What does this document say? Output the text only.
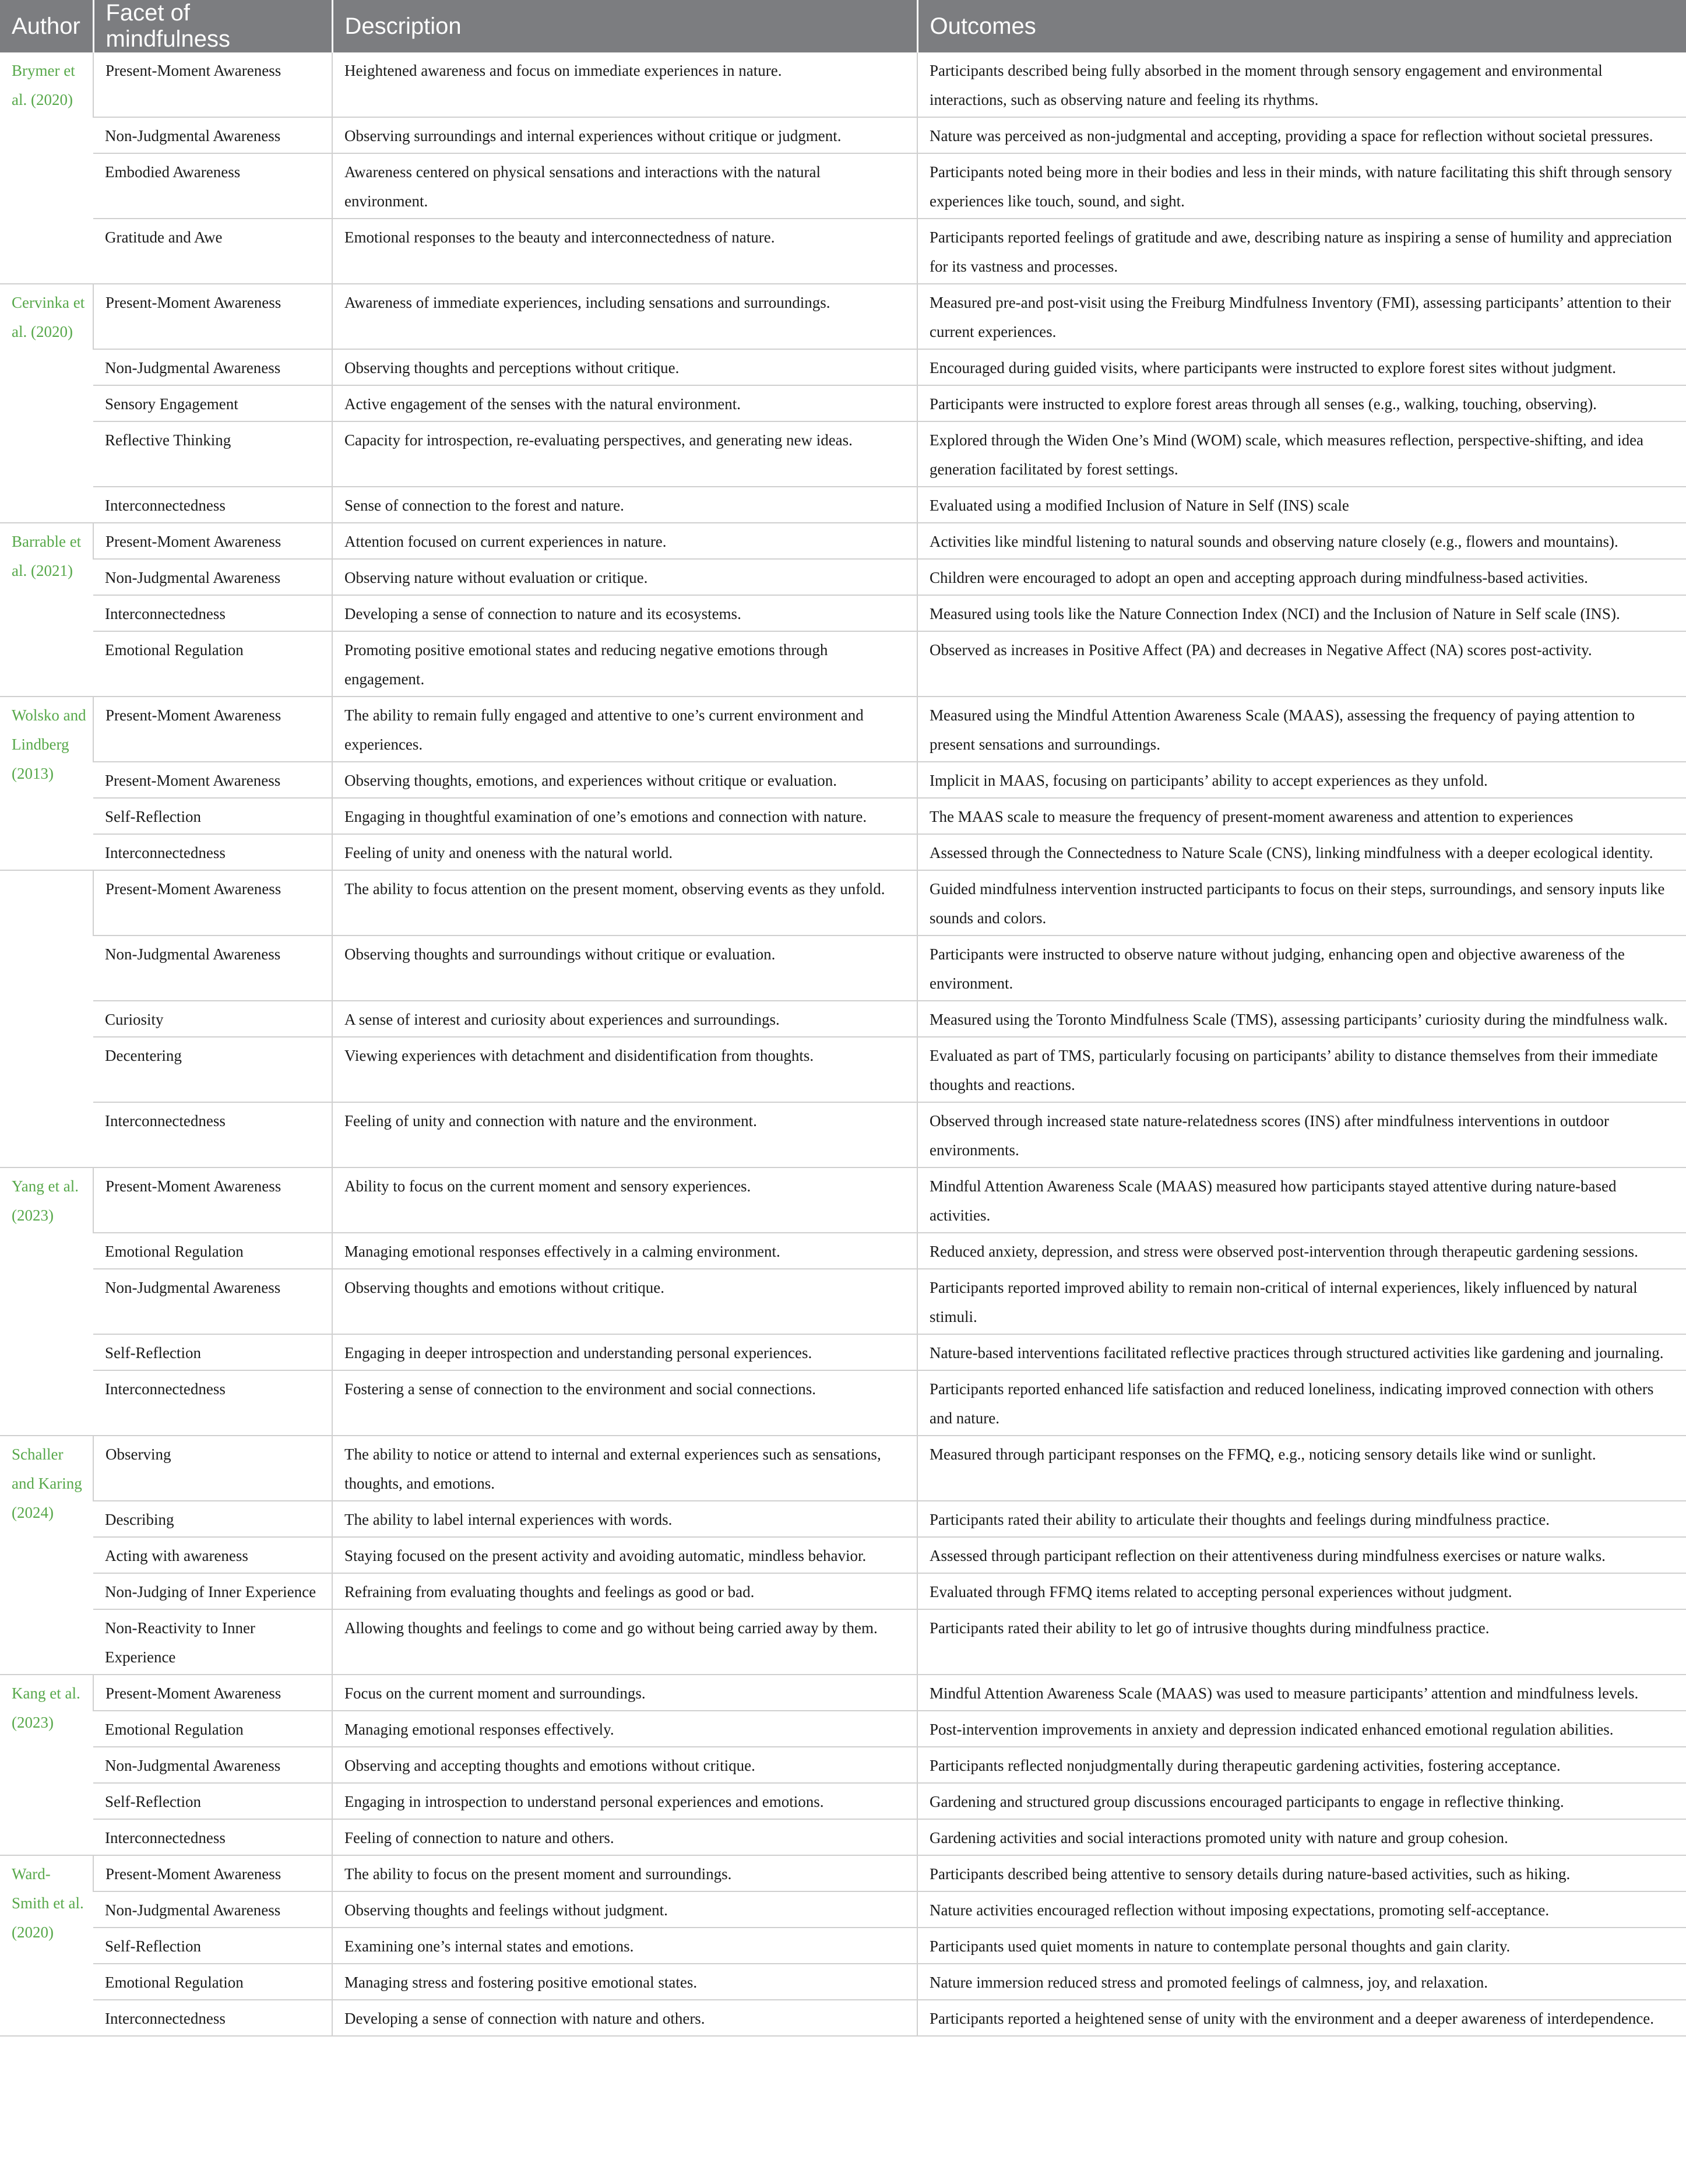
Author	Facet of mindfulness	Description	Outcomes
Brymer et al. (2020)	Present-Moment Awareness	Heightened awareness and focus on immediate experiences in nature.	Participants described being fully absorbed in the moment through sensory engagement and environmental interactions, such as observing nature and feeling its rhythms.
	Non-Judgmental Awareness	Observing surroundings and internal experiences without critique or judgment.	Nature was perceived as non-judgmental and accepting, providing a space for reflection without societal pressures.
	Embodied Awareness	Awareness centered on physical sensations and interactions with the natural environment.	Participants noted being more in their bodies and less in their minds, with nature facilitating this shift through sensory experiences like touch, sound, and sight.
	Gratitude and Awe	Emotional responses to the beauty and interconnectedness of nature.	Participants reported feelings of gratitude and awe, describing nature as inspiring a sense of humility and appreciation for its vastness and processes.
Cervinka et al. (2020)	Present-Moment Awareness	Awareness of immediate experiences, including sensations and surroundings.	Measured pre-and post-visit using the Freiburg Mindfulness Inventory (FMI), assessing participants’ attention to their current experiences.
	Non-Judgmental Awareness	Observing thoughts and perceptions without critique.	Encouraged during guided visits, where participants were instructed to explore forest sites without judgment.
	Sensory Engagement	Active engagement of the senses with the natural environment.	Participants were instructed to explore forest areas through all senses (e.g., walking, touching, observing).
	Reflective Thinking	Capacity for introspection, re-evaluating perspectives, and generating new ideas.	Explored through the Widen One’s Mind (WOM) scale, which measures reflection, perspective-shifting, and idea generation facilitated by forest settings.
	Interconnectedness	Sense of connection to the forest and nature.	Evaluated using a modified Inclusion of Nature in Self (INS) scale
Barrable et al. (2021)	Present-Moment Awareness	Attention focused on current experiences in nature.	Activities like mindful listening to natural sounds and observing nature closely (e.g., flowers and mountains).
	Non-Judgmental Awareness	Observing nature without evaluation or critique.	Children were encouraged to adopt an open and accepting approach during mindfulness-based activities.
	Interconnectedness	Developing a sense of connection to nature and its ecosystems.	Measured using tools like the Nature Connection Index (NCI) and the Inclusion of Nature in Self scale (INS).
	Emotional Regulation	Promoting positive emotional states and reducing negative emotions through engagement.	Observed as increases in Positive Affect (PA) and decreases in Negative Affect (NA) scores post-activity.
Wolsko and Lindberg (2013)	Present-Moment Awareness	The ability to remain fully engaged and attentive to one’s current environment and experiences.	Measured using the Mindful Attention Awareness Scale (MAAS), assessing the frequency of paying attention to present sensations and surroundings.
	Present-Moment Awareness	Observing thoughts, emotions, and experiences without critique or evaluation.	Implicit in MAAS, focusing on participants’ ability to accept experiences as they unfold.
	Self-Reflection	Engaging in thoughtful examination of one’s emotions and connection with nature.	The MAAS scale to measure the frequency of present-moment awareness and attention to experiences
	Interconnectedness	Feeling of unity and oneness with the natural world.	Assessed through the Connectedness to Nature Scale (CNS), linking mindfulness with a deeper ecological identity.
	Present-Moment Awareness	The ability to focus attention on the present moment, observing events as they unfold.	Guided mindfulness intervention instructed participants to focus on their steps, surroundings, and sensory inputs like sounds and colors.
	Non-Judgmental Awareness	Observing thoughts and surroundings without critique or evaluation.	Participants were instructed to observe nature without judging, enhancing open and objective awareness of the environment.
	Curiosity	A sense of interest and curiosity about experiences and surroundings.	Measured using the Toronto Mindfulness Scale (TMS), assessing participants’ curiosity during the mindfulness walk.
	Decentering	Viewing experiences with detachment and disidentification from thoughts.	Evaluated as part of TMS, particularly focusing on participants’ ability to distance themselves from their immediate thoughts and reactions.
	Interconnectedness	Feeling of unity and connection with nature and the environment.	Observed through increased state nature-relatedness scores (INS) after mindfulness interventions in outdoor environments.
Yang et al. (2023)	Present-Moment Awareness	Ability to focus on the current moment and sensory experiences.	Mindful Attention Awareness Scale (MAAS) measured how participants stayed attentive during nature-based activities.
	Emotional Regulation	Managing emotional responses effectively in a calming environment.	Reduced anxiety, depression, and stress were observed post-intervention through therapeutic gardening sessions.
	Non-Judgmental Awareness	Observing thoughts and emotions without critique.	Participants reported improved ability to remain non-critical of internal experiences, likely influenced by natural stimuli.
	Self-Reflection	Engaging in deeper introspection and understanding personal experiences.	Nature-based interventions facilitated reflective practices through structured activities like gardening and journaling.
	Interconnectedness	Fostering a sense of connection to the environment and social connections.	Participants reported enhanced life satisfaction and reduced loneliness, indicating improved connection with others and nature.
Schaller and Karing (2024)	Observing	The ability to notice or attend to internal and external experiences such as sensations, thoughts, and emotions.	Measured through participant responses on the FFMQ, e.g., noticing sensory details like wind or sunlight.
	Describing	The ability to label internal experiences with words.	Participants rated their ability to articulate their thoughts and feelings during mindfulness practice.
	Acting with awareness	Staying focused on the present activity and avoiding automatic, mindless behavior.	Assessed through participant reflection on their attentiveness during mindfulness exercises or nature walks.
	Non-Judging of Inner Experience	Refraining from evaluating thoughts and feelings as good or bad.	Evaluated through FFMQ items related to accepting personal experiences without judgment.
	Non-Reactivity to Inner Experience	Allowing thoughts and feelings to come and go without being carried away by them.	Participants rated their ability to let go of intrusive thoughts during mindfulness practice.
Kang et al. (2023)	Present-Moment Awareness	Focus on the current moment and surroundings.	Mindful Attention Awareness Scale (MAAS) was used to measure participants’ attention and mindfulness levels.
	Emotional Regulation	Managing emotional responses effectively.	Post-intervention improvements in anxiety and depression indicated enhanced emotional regulation abilities.
	Non-Judgmental Awareness	Observing and accepting thoughts and emotions without critique.	Participants reflected nonjudgmentally during therapeutic gardening activities, fostering acceptance.
	Self-Reflection	Engaging in introspection to understand personal experiences and emotions.	Gardening and structured group discussions encouraged participants to engage in reflective thinking.
	Interconnectedness	Feeling of connection to nature and others.	Gardening activities and social interactions promoted unity with nature and group cohesion.
Ward-Smith et al. (2020)	Present-Moment Awareness	The ability to focus on the present moment and surroundings.	Participants described being attentive to sensory details during nature-based activities, such as hiking.
	Non-Judgmental Awareness	Observing thoughts and feelings without judgment.	Nature activities encouraged reflection without imposing expectations, promoting self-acceptance.
	Self-Reflection	Examining one’s internal states and emotions.	Participants used quiet moments in nature to contemplate personal thoughts and gain clarity.
	Emotional Regulation	Managing stress and fostering positive emotional states.	Nature immersion reduced stress and promoted feelings of calmness, joy, and relaxation.
	Interconnectedness	Developing a sense of connection with nature and others.	Participants reported a heightened sense of unity with the environment and a deeper awareness of interdependence.
